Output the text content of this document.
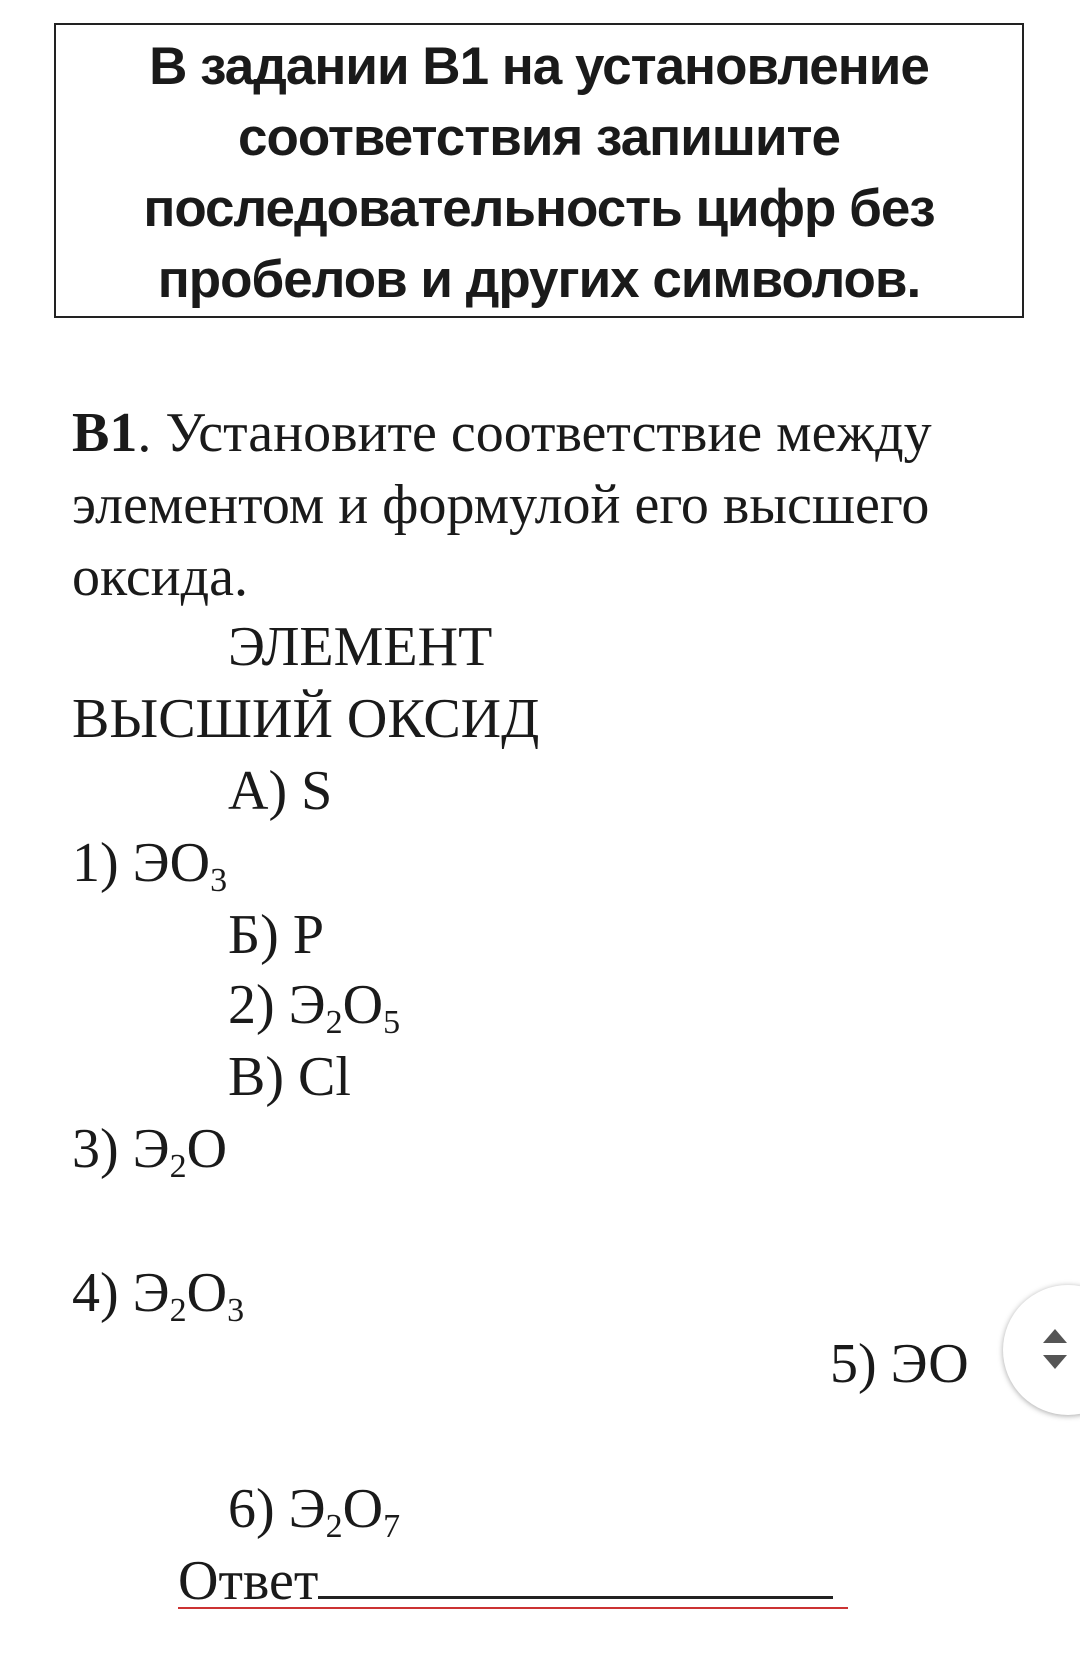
В задании В1 на установление
соответствия запишите
последовательность цифр без
пробелов и других символов.
В1. Установите соответствие между
элементом и формулой его высшего
оксида.
ЭЛЕМЕНТ
ВЫСШИЙ ОКСИД
А) S
1) $ЭO_3$
Б) P
2) $Э_2O_5$
В) Cl
3) $Э_2O$
4) $Э_2O_3$
5) ЭО
6) $Э_2O_7$
Ответ
